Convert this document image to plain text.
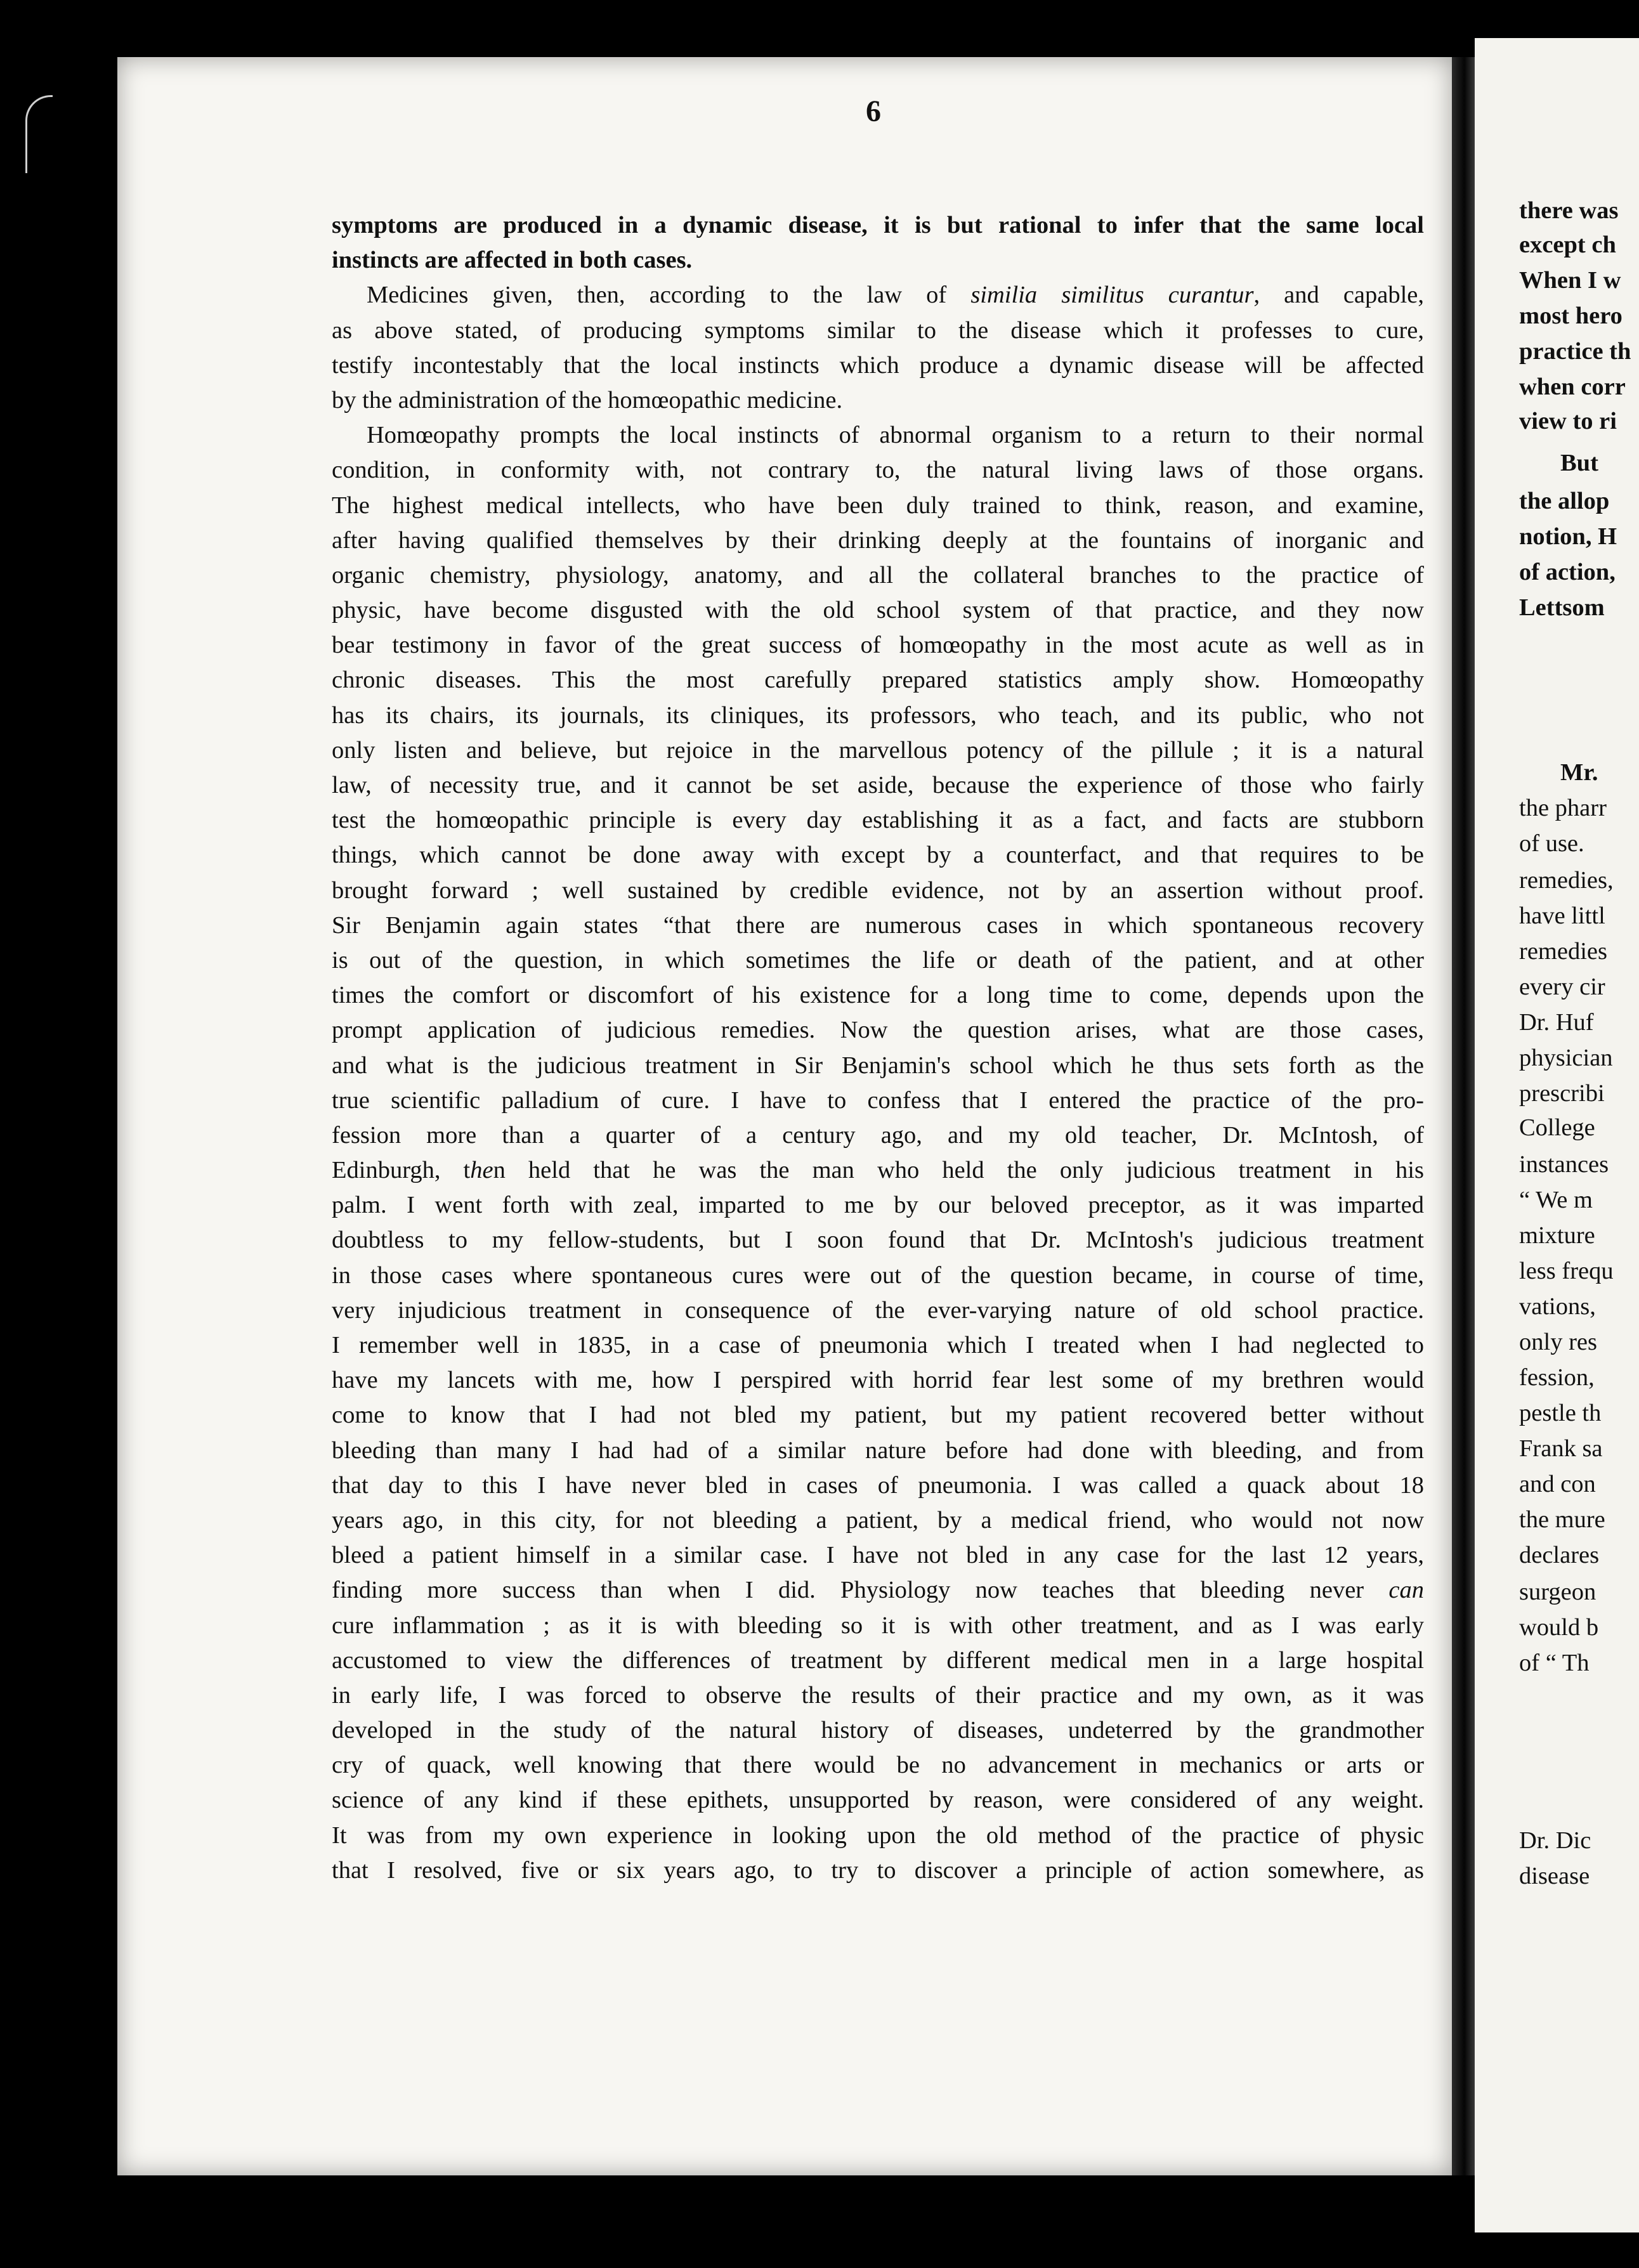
6
symptoms are produced in a dynamic disease, it is but rational to infer that the same local
instincts are affected in both cases.
Medicines given, then, according to the law of similia similitus curantur, and capable,
as above stated, of producing symptoms similar to the disease which it professes to cure,
testify incontestably that the local instincts which produce a dynamic disease will be affected
by the administration of the homœopathic medicine.
Homœopathy prompts the local instincts of abnormal organism to a return to their normal
condition, in conformity with, not contrary to, the natural living laws of those organs.
The highest medical intellects, who have been duly trained to think, reason, and examine,
after having qualified themselves by their drinking deeply at the fountains of inorganic and
organic chemistry, physiology, anatomy, and all the collateral branches to the practice of
physic, have become disgusted with the old school system of that practice, and they now
bear testimony in favor of the great success of homœopathy in the most acute as well as in
chronic diseases. This the most carefully prepared statistics amply show. Homœopathy
has its chairs, its journals, its cliniques, its professors, who teach, and its public, who not
only listen and believe, but rejoice in the marvellous potency of the pillule ; it is a natural
law, of necessity true, and it cannot be set aside, because the experience of those who fairly
test the homœopathic principle is every day establishing it as a fact, and facts are stubborn
things, which cannot be done away with except by a counterfact, and that requires to be
brought forward ; well sustained by credible evidence, not by an assertion without proof.
Sir Benjamin again states “that there are numerous cases in which spontaneous recovery
is out of the question, in which sometimes the life or death of the patient, and at other
times the comfort or discomfort of his existence for a long time to come, depends upon the
prompt application of judicious remedies. Now the question arises, what are those cases,
and what is the judicious treatment in Sir Benjamin's school which he thus sets forth as the
true scientific palladium of cure. I have to confess that I entered the practice of the pro-
fession more than a quarter of a century ago, and my old teacher, Dr. McIntosh, of
Edinburgh, then held that he was the man who held the only judicious treatment in his
palm. I went forth with zeal, imparted to me by our beloved preceptor, as it was imparted
doubtless to my fellow-students, but I soon found that Dr. McIntosh's judicious treatment
in those cases where spontaneous cures were out of the question became, in course of time,
very injudicious treatment in consequence of the ever-varying nature of old school practice.
I remember well in 1835, in a case of pneumonia which I treated when I had neglected to
have my lancets with me, how I perspired with horrid fear lest some of my brethren would
come to know that I had not bled my patient, but my patient recovered better without
bleeding than many I had had of a similar nature before had done with bleeding, and from
that day to this I have never bled in cases of pneumonia. I was called a quack about 18
years ago, in this city, for not bleeding a patient, by a medical friend, who would not now
bleed a patient himself in a similar case. I have not bled in any case for the last 12 years,
finding more success than when I did. Physiology now teaches that bleeding never can
cure inflammation ; as it is with bleeding so it is with other treatment, and as I was early
accustomed to view the differences of treatment by different medical men in a large hospital
in early life, I was forced to observe the results of their practice and my own, as it was
developed in the study of the natural history of diseases, undeterred by the grandmother
cry of quack, well knowing that there would be no advancement in mechanics or arts or
science of any kind if these epithets, unsupported by reason, were considered of any weight.
It was from my own experience in looking upon the old method of the practice of physic
that I resolved, five or six years ago, to try to discover a principle of action somewhere, as
there was
except ch
When I w
most hero
practice th
when corr
view to ri
But
the allop
notion, H
of action,
Lettsom
Mr.
the pharr
of use.
remedies,
have littl
remedies
every cir
Dr. Huf
physician
prescribi
College
instances
“ We m
mixture
less frequ
vations,
only res
fession,
pestle th
Frank sa
and con
the mure
declares
surgeon
would b
of “ Th
Dr. Dic
disease
